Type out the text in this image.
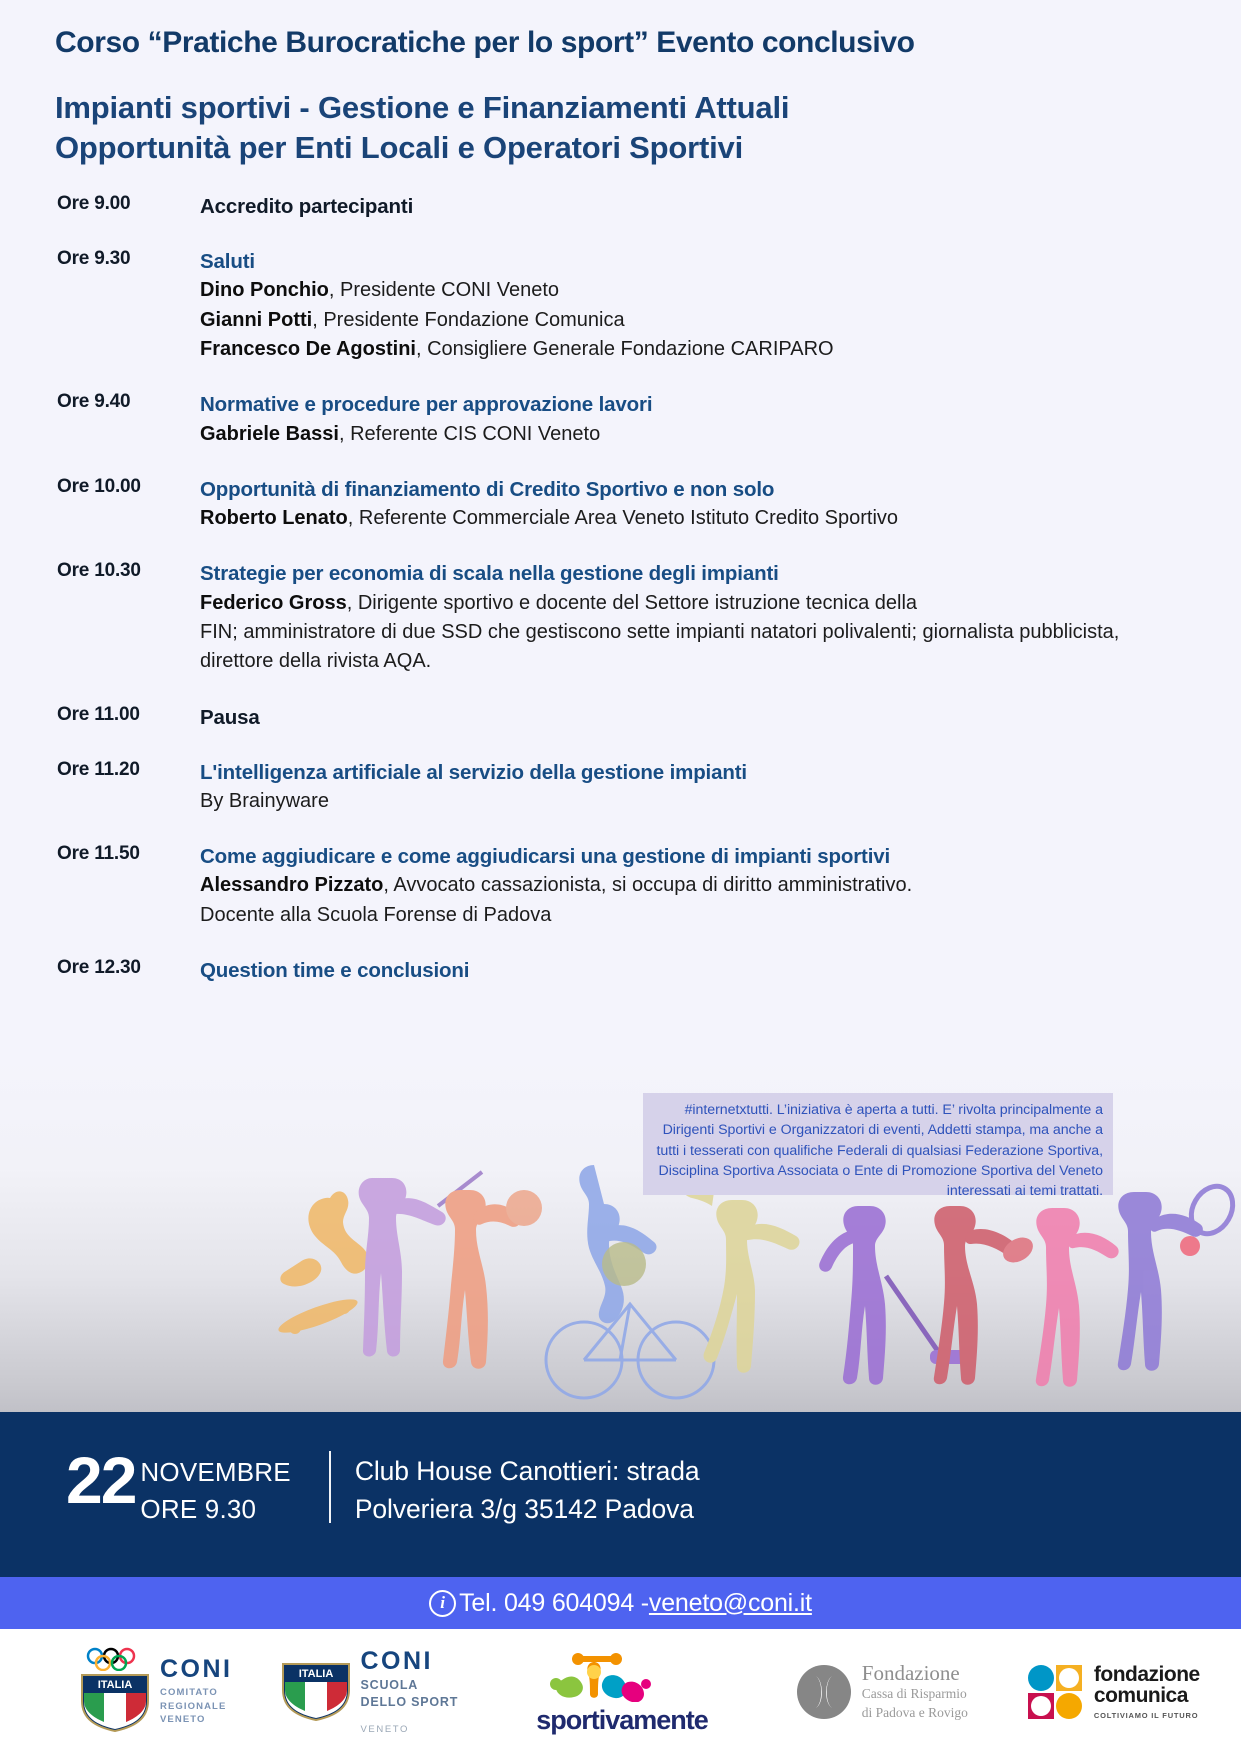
Corso “Pratiche Burocratiche per lo sport” Evento conclusivo
Impianti sportivi - Gestione e Finanziamenti Attuali
Opportunità per Enti Locali e Operatori Sportivi
Ore 9.00	Accredito partecipanti
Ore 9.30	Saluti
Dino Ponchio, Presidente CONI Veneto
Gianni Potti, Presidente Fondazione Comunica
Francesco De Agostini, Consigliere Generale Fondazione CARIPARO
Ore 9.40	Normative e procedure per approvazione lavori
Gabriele Bassi, Referente CIS CONI Veneto
Ore 10.00	Opportunità di finanziamento di Credito Sportivo e non solo
Roberto Lenato, Referente Commerciale Area Veneto Istituto Credito Sportivo
Ore 10.30	Strategie per economia di scala nella gestione degli impianti
Federico Gross, Dirigente sportivo e docente del Settore istruzione tecnica della
FIN; amministratore di due SSD che gestiscono sette impianti natatori polivalenti; giornalista pubblicista, direttore della rivista AQA.
Ore 11.00	Pausa
Ore 11.20	L'intelligenza artificiale al servizio della gestione impianti
By Brainyware
Ore 11.50	Come aggiudicare e come aggiudicarsi una gestione di impianti sportivi
Alessandro Pizzato, Avvocato cassazionista, si occupa di diritto amministrativo.
Docente alla Scuola Forense di Padova
Ore 12.30	Question time e conclusioni

#internetxtutti. L’iniziativa è aperta a tutti. E’ rivolta principalmente a Dirigenti Sportivi e Organizzatori di eventi, Addetti stampa, ma anche a tutti i tesserati con qualifiche Federali di qualsiasi Federazione Sportiva, Disciplina Sportiva Associata o Ente di Promozione Sportiva del Veneto interessati ai temi trattati.

22 NOVEMBRE
ORE 9.30
Club House Canottieri: strada
Polveriera 3/g 35142 Padova
i Tel. 049 604094 - veneto@coni.it
ITALIA
CONI
COMITATO
REGIONALE
VENETO
ITALIA CONI
SCUOLA
DELLO SPORT
VENETO	sportivamente
Fondazione
Cassa di Risparmio
di Padova e Rovigo
fondazione
comunica
COLTIVIAMO IL FUTURO
